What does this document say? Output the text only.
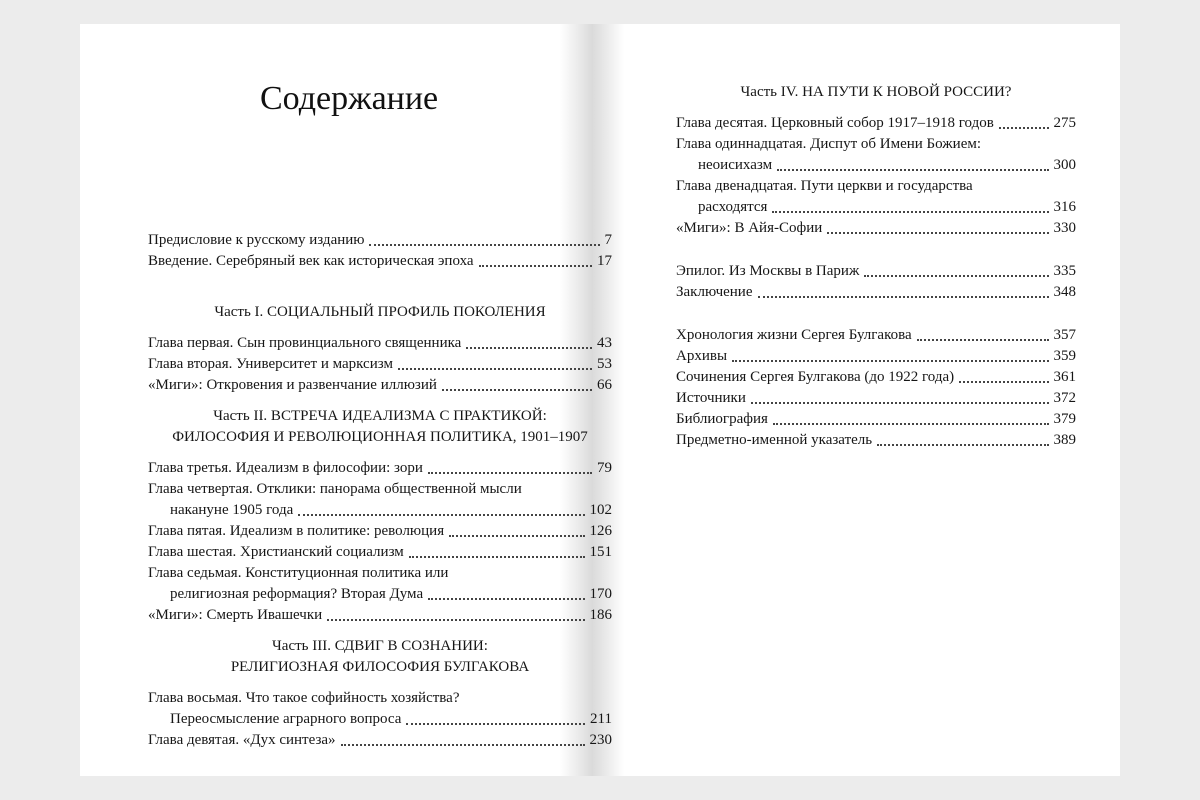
Содержание
Предисловие к русскому изданию	7
Введение. Серебряный век как историческая эпоха	17
Часть I. СОЦИАЛЬНЫЙ ПРОФИЛЬ ПОКОЛЕНИЯ
Глава первая. Сын провинциального священника	43
Глава вторая. Университет и марксизм	53
«Миги»: Откровения и развенчание иллюзий	66
Часть II. ВСТРЕЧА ИДЕАЛИЗМА С ПРАКТИКОЙ:
ФИЛОСОФИЯ И РЕВОЛЮЦИОННАЯ ПОЛИТИКА, 1901–1907
Глава третья. Идеализм в философии: зори	79
Глава четвертая. Отклики: панорама общественной мысли
накануне 1905 года	102
Глава пятая. Идеализм в политике: революция	126
Глава шестая. Христианский социализм	151
Глава седьмая. Конституционная политика или
религиозная реформация? Вторая Дума	170
«Миги»: Смерть Ивашечки	186
Часть III. СДВИГ В СОЗНАНИИ:
РЕЛИГИОЗНАЯ ФИЛОСОФИЯ БУЛГАКОВА
Глава восьмая. Что такое софийность хозяйства?
Переосмысление аграрного вопроса	211
Глава девятая. «Дух синтеза»	230
Часть IV. НА ПУТИ К НОВОЙ РОССИИ?
Глава десятая. Церковный собор 1917–1918 годов	275
Глава одиннадцатая. Диспут об Имени Божием:
неоисихазм	300
Глава двенадцатая. Пути церкви и государства
расходятся	316
«Миги»: В Айя-Софии	330
Эпилог. Из Москвы в Париж	335
Заключение	348
Хронология жизни Сергея Булгакова	357
Архивы	359
Сочинения Сергея Булгакова (до 1922 года)	361
Источники	372
Библиография	379
Предметно-именной указатель	389
